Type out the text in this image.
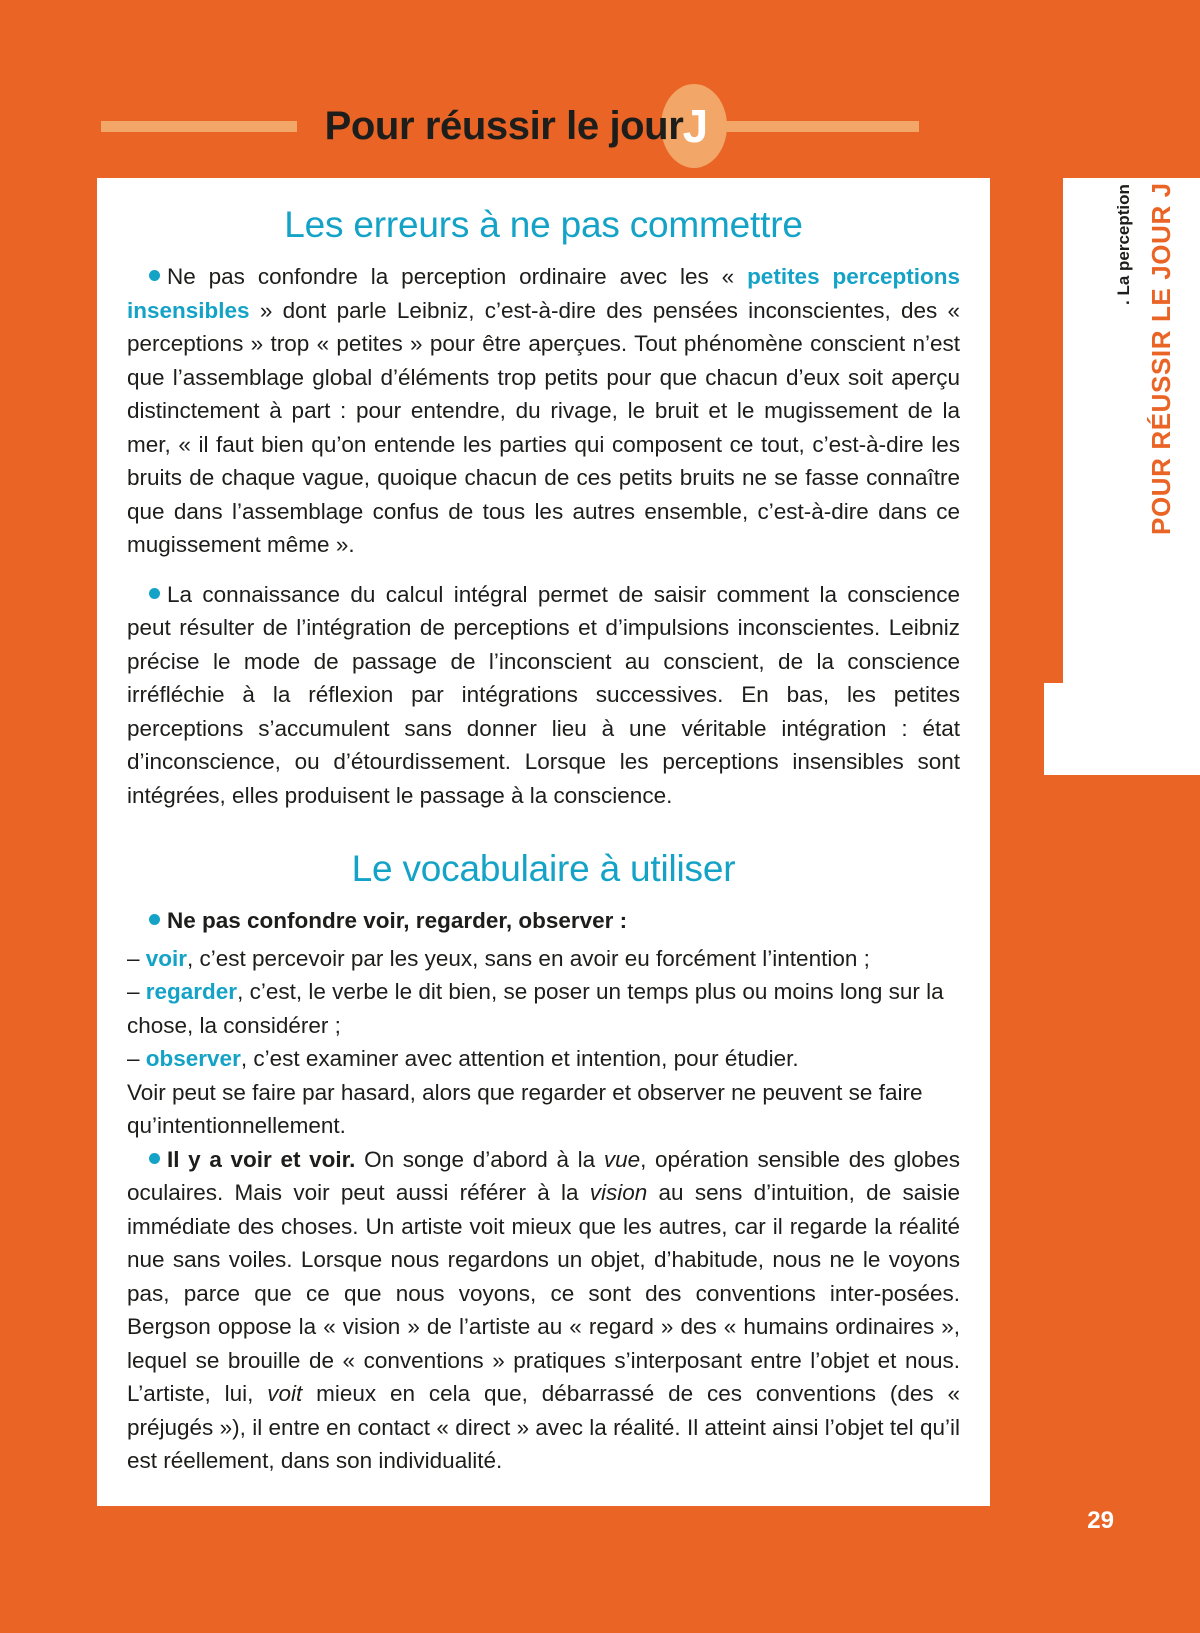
Pour réussir le jour J
POUR RÉUSSIR LE JOUR J
. La perception
Les erreurs à ne pas commettre

Ne pas confondre la perception ordinaire avec les « petites perceptions insensibles » dont parle Leibniz, c’est-à-dire des pensées inconscientes, des « perceptions » trop « petites » pour être aperçues. Tout phénomène conscient n’est que l’assemblage global d’éléments trop petits pour que chacun d’eux soit aperçu distinctement à part : pour entendre, du rivage, le bruit et le mugissement de la mer, « il faut bien qu’on entende les parties qui composent ce tout, c’est-à-dire les bruits de chaque vague, quoique chacun de ces petits bruits ne se fasse connaître que dans l’assemblage confus de tous les autres ensemble, c’est-à-dire dans ce mugissement même ».

La connaissance du calcul intégral permet de saisir comment la conscience peut résulter de l’intégration de perceptions et d’impulsions inconscientes. Leibniz précise le mode de passage de l’inconscient au conscient, de la conscience irréfléchie à la réflexion par intégrations successives. En bas, les petites perceptions s’accumulent sans donner lieu à une véritable intégration : état d’inconscience, ou d’étourdissement. Lorsque les perceptions insensibles sont intégrées, elles produisent le passage à la conscience.

Le vocabulaire à utiliser

Ne pas confondre voir, regarder, observer :

– voir, c’est percevoir par les yeux, sans en avoir eu forcément l’intention ;

– regarder, c’est, le verbe le dit bien, se poser un temps plus ou moins long sur la chose, la considérer ;

– observer, c’est examiner avec attention et intention, pour étudier.

Voir peut se faire par hasard, alors que regarder et observer ne peuvent se faire qu’intentionnellement.

Il y a voir et voir. On songe d’abord à la vue, opération sensible des globes oculaires. Mais voir peut aussi référer à la vision au sens d’intuition, de saisie immédiate des choses. Un artiste voit mieux que les autres, car il regarde la réalité nue sans voiles. Lorsque nous regardons un objet, d’habitude, nous ne le voyons pas, parce que ce que nous voyons, ce sont des conventions inter-posées. Bergson oppose la « vision » de l’artiste au « regard » des « humains ordinaires », lequel se brouille de « conventions » pratiques s’interposant entre l’objet et nous. L’artiste, lui, voit mieux en cela que, débarrassé de ces conventions (des « préjugés »), il entre en contact « direct » avec la réalité. Il atteint ainsi l’objet tel qu’il est réellement, dans son individualité.

29
